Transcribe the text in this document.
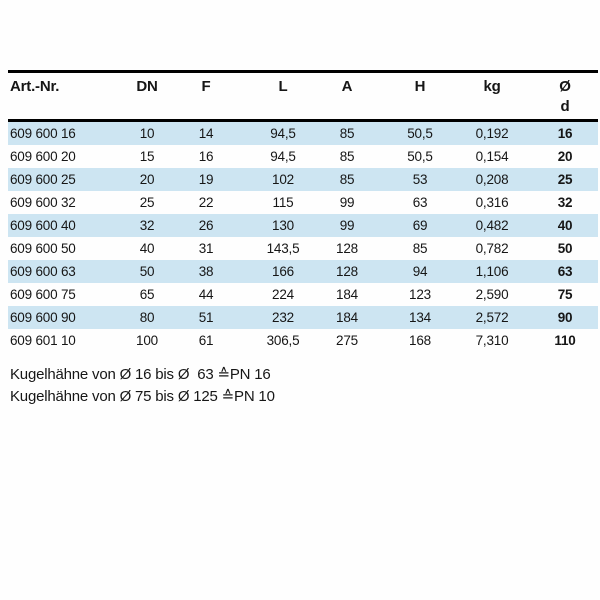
Art.-Nr.	DN	F	L	A	H	kg	Ø
d
609 600 16	10	14	94,5	85	50,5	0,192	16
609 600 20	15	16	94,5	85	50,5	0,154	20
609 600 25	20	19	102	85	53	0,208	25
609 600 32	25	22	115	99	63	0,316	32
609 600 40	32	26	130	99	69	0,482	40
609 600 50	40	31	143,5	128	85	0,782	50
609 600 63	50	38	166	128	94	1,106	63
609 600 75	65	44	224	184	123	2,590	75
609 600 90	80	51	232	184	134	2,572	90
609 601 10	100	61	306,5	275	168	7,310	110
Kugelhähne von Ø 16 bis Ø  63 ≙PN 16
Kugelhähne von Ø 75 bis Ø 125 ≙PN 10
